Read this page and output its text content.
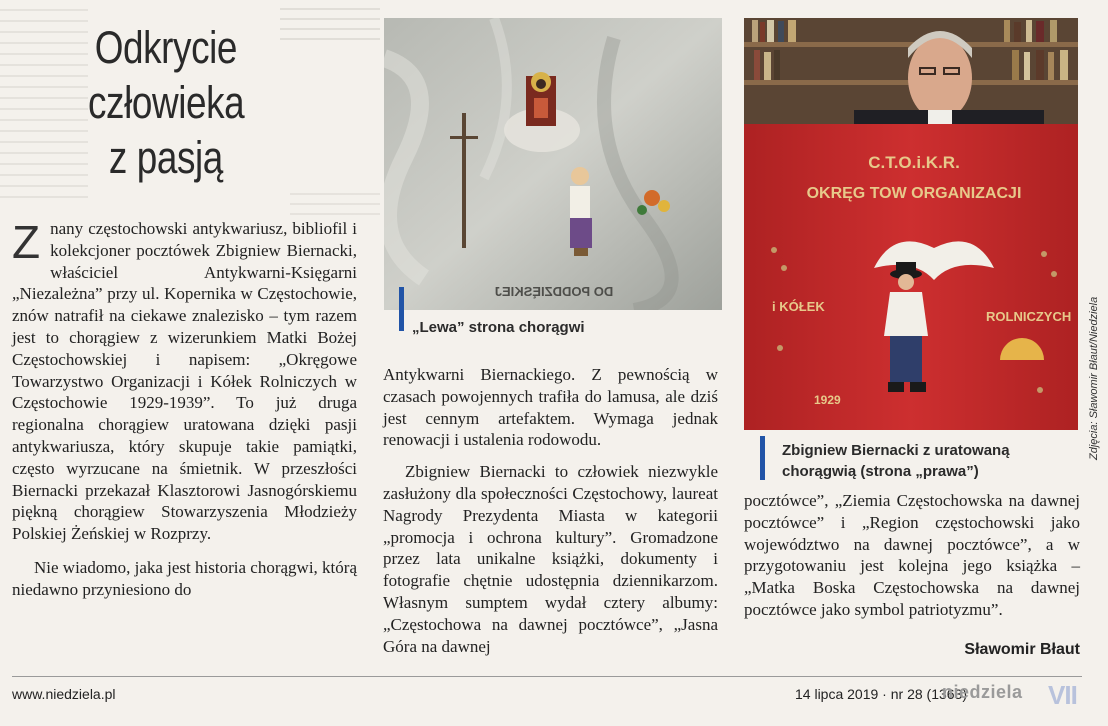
Odkrycie
człowieka
z pasją

Z nany częstochowski antykwariusz, bibliofil i kolekcjoner pocztówek Zbigniew Biernacki, właściciel Antykwarni-Księgarni „Niezależna” przy ul. Kopernika w Częstochowie, znów natrafił na ciekawe znalezisko – tym razem jest to chorągiew z wizerunkiem Matki Bożej Częstochowskiej i napisem: „Okręgowe Towarzystwo Organizacji i Kółek Rolniczych w Częstochowie 1929-1939”. To już druga regionalna chorągiew uratowana dzięki pasji antykwariusza, który skupuje takie pamiątki, często wyrzucane na śmietnik. W przeszłości Biernacki przekazał Klasztorowi Jasnogórskiemu piękną chorągiew Stowarzyszenia Młodzieży Polskiej Żeńskiej w Rozprzy.

Nie wiadomo, jaka jest historia chorągwi, którą niedawno przyniesiono do

DO PODDZIĘSKIEJ
„Lewa” strona chorągwi

Antykwarni Biernackiego. Z pewnością w czasach powojennych trafiła do lamusa, ale dziś jest cennym artefaktem. Wymaga jednak renowacji i ustalenia rodowodu.

Zbigniew Biernacki to człowiek niezwykle zasłużony dla społeczności Częstochowy, laureat Nagrody Prezydenta Miasta w kategorii „promocja i ochrona kultury”. Gromadzone przez lata unikalne książki, dokumenty i fotografie chętnie udostępnia dziennikarzom. Własnym sumptem wydał cztery albumy: „Częstochowa na dawnej pocztówce”, „Jasna Góra na dawnej

C.T.O.i.K.R.
OKRĘG TOW ORGANIZACJI
i KÓŁEK
ROLNICZYCH
1929
Zbigniew Biernacki z uratowaną
chorągwią (strona „prawa”)
Zdjęcia: Sławomir Błaut/Niedziela

pocztówce”, „Ziemia Częstochowska na dawnej pocztówce” i „Region częstochowski jako województwo na dawnej pocztówce”, a w przygotowaniu jest kolejna jego książka – „Matka Boska Częstochowska na dawnej pocztówce jako symbol patriotyzmu”.

Sławomir Błaut
www.niedziela.pl	14 lipca 2019 · nr 28 (1363)
niedziela VII
